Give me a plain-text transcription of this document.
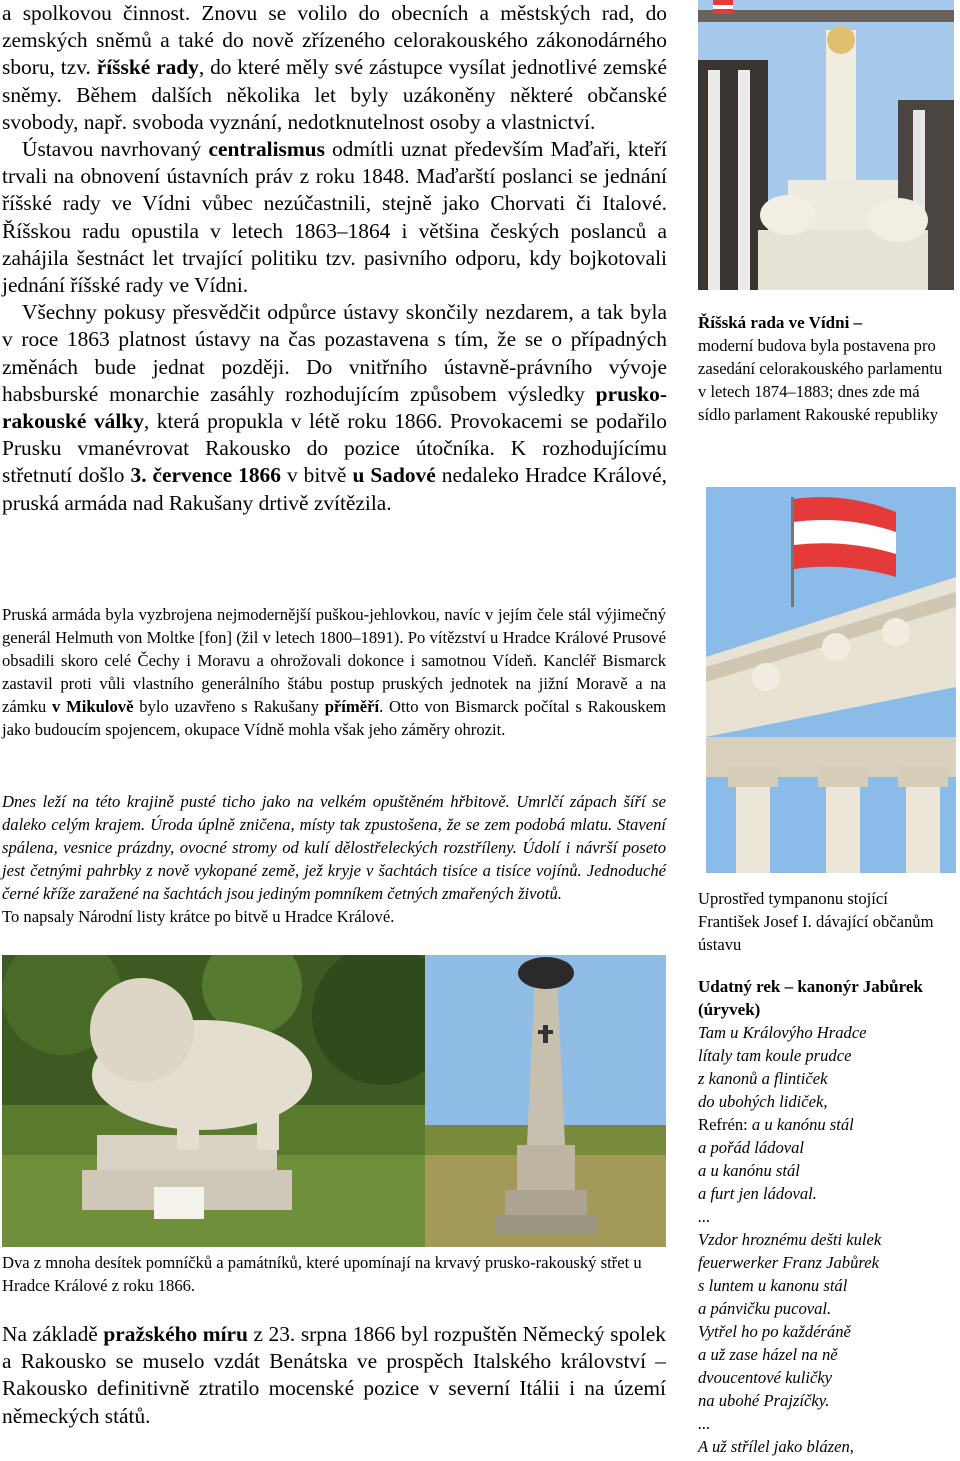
a spolkovou činnost. Znovu se volilo do obecních a městských rad, do zemských sněmů a také do nově zřízeného celorakouského zákonodárného sboru, tzv. říšské rady, do které měly své zástupce vysílat jednotlivé zemské sněmy. Během dalších několika let byly uzákoněny některé občanské svobody, např. svoboda vyznání, nedotknutelnost osoby a vlastnictví.

Ústavou navrhovaný centralismus odmítli uznat především Maďaři, kteří trvali na obnovení ústavních práv z roku 1848. Maďarští poslanci se jednání říšské rady ve Vídni vůbec nezúčastnili, stejně jako Chorvati či Italové. Říšskou radu opustila v letech 1863–1864 i většina českých poslanců a zahájila šestnáct let trvající politiku tzv. pasivního odporu, kdy bojkotovali jednání říšské rady ve Vídni.

Všechny pokusy přesvědčit odpůrce ústavy skončily nezdarem, a tak byla v roce 1863 platnost ústavy na čas pozastavena s tím, že se o případných změnách bude jednat později. Do vnitřního ústavně-právního vývoje habsburské monarchie zasáhly rozhodujícím způsobem výsledky prusko-rakouské války, která propukla v létě roku 1866. Provokacemi se podařilo Prusku vmanévrovat Rakousko do pozice útočníka. K rozhodujícímu střetnutí došlo 3. července 1866 v bitvě u Sadové nedaleko Hradce Králové, pruská armáda nad Rakušany drtivě zvítězila.

Pruská armáda byla vyzbrojena nejmodernější puškou-jehlovkou, navíc v jejím čele stál výjimečný generál Helmuth von Moltke [fon] (žil v letech 1800–1891). Po vítězství u Hradce Králové Prusové obsadili skoro celé Čechy i Moravu a ohrožovali dokonce i samotnou Vídeň. Kancléř Bismarck zastavil proti vůli vlastního generálního štábu postup pruských jednotek na jižní Moravě a na zámku v Mikulově bylo uzavřeno s Rakušany příměří. Otto von Bismarck počítal s Rakouskem jako budoucím spojencem, okupace Vídně mohla však jeho záměry ohrozit.
Dnes leží na této krajině pusté ticho jako na velkém opuštěném hřbitově. Umrlčí zápach šíří se daleko celým krajem. Úroda úplně zničena, místy tak zpustošena, že se zem podobá mlatu. Stavení spálena, vesnice prázdny, ovocné stromy od kulí dělostřeleckých rozstříleny. Údolí i návrší poseto jest četnými pahrbky z nově vykopané země, jež kryje v šachtách tisíce a tisíce vojínů. Jednoduché černé kříže zaražené na šachtách jsou jediným pomníkem četných zmařených životů.
To napsaly Národní listy krátce po bitvě u Hradce Králové.
Dva z mnoha desítek pomníčků a památníků, které upomínají na krvavý prusko-rakouský střet u Hradce Králové z roku 1866.
Na základě pražského míru z 23. srpna 1866 byl rozpuštěn Německý spolek a Rakousko se muselo vzdát Benátska ve prospěch Italského království – Rakousko definitivně ztratilo mocenské pozice v severní Itálii i na území německých států.
Říšská rada ve Vídni –
moderní budova byla postavena pro zasedání celorakouského parlamentu v letech 1874–1883; dnes zde má sídlo parlament Rakouské republiky
Uprostřed tympanonu stojící František Josef I. dávající občanům ústavu
Udatný rek – kanonýr Jabůrek (úryvek)
Tam u Královýho Hradce
lítaly tam koule prudce
z kanonů a flintiček
do ubohých lidiček,
Refrén: a u kanónu stál
a pořád ládoval
a u kanónu stál
a furt jen ládoval.
...
Vzdor hroznému dešti kulek
feuerwerker Franz Jabůrek
s luntem u kanonu stál
a pánvičku pucoval.
Vytřel ho po každéráně
a už zase házel na ně
dvoucentové kuličky
na ubohé Prajzíčky.
...
A už střílel jako blázen,
